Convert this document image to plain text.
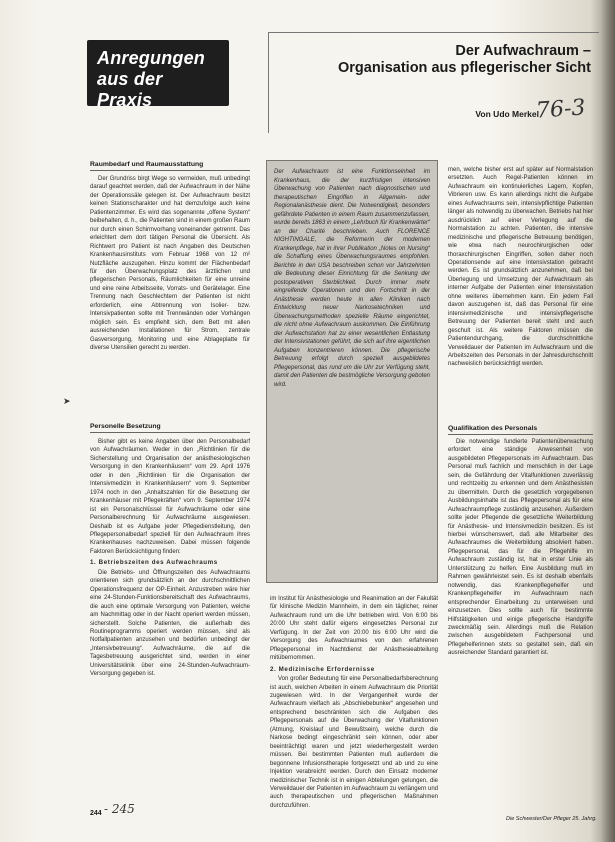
Anregungen
aus der Praxis
Der Aufwachraum –
Organisation aus pflegerischer Sicht
Von Udo Merkel
76-3
Raumbedarf und Raumausstattung

Der Grundriss birgt Wege so vermeiden, muß unbedingt darauf geachtet werden, daß der Aufwachraum in der Nähe der Operationssäle gelegen ist. Der Aufwachraum besitzt keinen Stationscharakter und hat demzufolge auch keine Patientenzimmer. Es wird das sogenannte „offene System“ beibehalten, d. h., die Patienten sind in einem großen Raum nur durch einen Schirmvorhang voneinander getrennt. Das erleichtert dem dort tätigen Personal die Übersicht. Als Richtwert pro Patient ist nach Angaben des Deutschen Krankenhausinstituts vom Februar 1968 von 12 m² Nutzfläche auszugehen. Hinzu kommt der Flächenbedarf für den Überwachungsplatz des ärztlichen und pflegerischen Personals, Räumlichkeiten für eine unreine und eine reine Arbeitsseite, Vorrats- und Gerätelager. Eine Trennung nach Geschlechtern der Patienten ist nicht erforderlich, eine Abtrennung von Isolier- bzw. Intensivpatienten sollte mit Trennwänden oder Vorhängen möglich sein. Es empfiehlt sich, dem Bett mit allen ausreichenden Installationen für Strom, zentrale Gasversorgung, Monitoring und eine Ablageplatte für diverse Utensilien gerecht zu werden.

Personelle Besetzung

Bisher gibt es keine Angaben über den Personalbedarf von Aufwachräumen. Weder in den „Richtlinien für die Sicherstellung und Organisation der anästhesiologischen Versorgung in den Krankenhäusern“ vom 29. April 1976 oder in den „Richtlinien für die Organisation der Intensivmedizin in Krankenhäusern“ vom 9. September 1974 noch in den „Anhaltszahlen für die Besetzung der Krankenhäuser mit Pflegekräften“ vom 9. September 1974 ist ein Personalschlüssel für Aufwachräume oder eine Personalberechnung für Aufwachräume ausgewiesen. Deshalb ist es Aufgabe jeder Pflegedienstleitung, den Pflegepersonalbedarf speziell für den Aufwachraum ihres Krankenhauses nachzuweisen. Dabei müssen folgende Faktoren Berücksichtigung finden:

1. Betriebszeiten des Aufwachraums

Die Betriebs- und Öffnungszeiten des Aufwachraums orientieren sich grundsätzlich an der durchschnittlichen Operationsfrequenz der OP-Einheit. Anzustreben wäre hier eine 24-Stunden-Funktionsbereitschaft des Aufwachraums, die auch eine optimale Versorgung von Patienten, welche am Nachmittag oder in der Nacht operiert werden müssen, sicherstellt. Solche Patienten, die außerhalb des Routineprogramms operiert werden müssen, sind als Notfallpatienten anzusehen und bedürfen unbedingt der „Intensivbetreuung“. Aufwachräume, die auf die Tagesbetreuung ausgerichtet sind, werden in einer Universitätsklinik über eine 24-Stunden-Aufwachraum-Versorgung gegeben ist.

Der Aufwachraum ist eine Funktionseinheit im Krankenhaus, die der kurzfristigen intensiven Überwachung von Patienten nach diagnostischen und therapeutischen Eingriffen in Allgemein- oder Regionalanästhesie dient. Die Notwendigkeit, besonders gefährdete Patienten in einem Raum zusammenzufassen, wurde bereits 1863 in einem „Lehrbuch für Krankenwärter“ an der Charité beschrieben. Auch FLORENCE NIGHTINGALE, die Reformerin der modernen Krankenpflege, hat in ihrer Publikation „Notes on Nursing“ die Schaffung eines Überwachungsraumes empfohlen. Berichte in den USA beschreiben schon vor Jahrzehnten die Bedeutung dieser Einrichtung für die Senkung der postoperativen Sterblichkeit. Durch immer mehr eingreifende Operationen und den Fortschritt in der Anästhesie werden heute in allen Kliniken nach Entwicklung neuer Narkosetechniken und Überwachungsmethoden spezielle Räume eingerichtet, die nicht ohne Aufwachraum auskommen. Die Einführung der Aufwachstation hat zu einer wesentlichen Entlastung der Intensivstationen geführt, die sich auf ihre eigentlichen Aufgaben konzentrieren können. Die pflegerische Betreuung erfolgt durch speziell ausgebildetes Pflegepersonal, das rund um die Uhr zur Verfügung steht, damit den Patienten die bestmögliche Versorgung geboten wird.

im Institut für Anästhesiologie und Reanimation an der Fakultät für klinische Medizin Mannheim, in dem ein täglicher, reiner Aufwachraum rund um die Uhr betrieben wird. Von 6:00 bis 20:00 Uhr steht dafür eigens eingesetztes Personal zur Verfügung. In der Zeit von 20:00 bis 6:00 Uhr wird die Versorgung des Aufwachraumes von den erfahrenen Pflegepersonal im Nachtdienst der Anästhesieabteilung mitübernommen.

2. Medizinische Erfordernisse

Von großer Bedeutung für eine Personalbedarfsberechnung ist auch, welchen Arbeiten in einem Aufwachraum die Priorität zugewiesen wird. In der Vergangenheit wurde der Aufwachraum vielfach als „Abschiebebunker“ angesehen und entsprechend beschränkten sich die Aufgaben des Pflegepersonals auf die Überwachung der Vitalfunktionen (Atmung, Kreislauf und Bewußtsein), welche durch die Narkose bedingt eingeschränkt sein können, oder aber beeinträchtigt waren und jetzt wiederhergestellt werden müssen. Bei bestimmten Patienten muß außerdem die begonnene Infusionstherapie fortgesetzt und ab und zu eine Injektion verabreicht werden. Durch den Einsatz moderner medizinischer Technik ist in einigen Abteilungen gelungen, die Verweildauer der Patienten im Aufwachraum zu verlängern und auch therapeutischen und pflegerischen Maßnahmen durchzuführen.

men, welche bisher erst auf später auf Normalstation ersetzten. Auch Regel-Patienten können im Aufwachraum ein kontinuierliches Lagern, Kopfen, Vibrieren usw. Es kann allerdings nicht die Aufgabe eines Aufwachraums sein, intensivpflichtige Patienten länger als notwendig zu überwachen. Betriebs hat hier ausdrücklich auf einer Verlegung auf die Normalstation zu achten. Patienten, die intensive medizinische und pflegerische Betreuung benötigen, wie etwa nach neurochirurgischen oder thoraxchirurgischen Eingriffen, sollen daher noch Operationsende auf eine Intensivstation gebracht werden. Es ist grundsätzlich anzunehmen, daß bei Überlegung und Umsetzung der Aufwachraum als interner Aufgabe der Patienten einer Intensivstation ohne weiteres übernehmen kann. Ein jedem Fall davon auszugehen ist, daß das Personal für eine intensivmedizinische und intensivpflegerische Betreuung der Patienten bereit steht und auch geschult ist. Als weitere Faktoren müssen die Patientendurchgang, die durchschnittliche Verweildauer der Patienten im Aufwachraum und die Arbeitszeiten des Personals in der Jahresdurchschnitt nachweislich berücksichtigt werden.

Qualifikation des Personals

Die notwendige fundierte Patientenüberwachung erfordert eine ständige Anwesenheit von ausgebildeten Pflegepersonals im Aufwachraum. Das Personal muß fachlich und menschlich in der Lage sein, die Gefährdung der Vitalfunktionen zuverlässig und rechtzeitig zu erkennen und dem Anästhesisten zu übermitteln. Durch die gesetzlich vorgegebenen Ausbildungsinhalte ist das Pflegepersonal als für eine Aufwachraumpflege zuständig anzusehen. Außerdem sollte jeder Pflegende die gesetzliche Weiterbildung für Anästhesie- und Intensivmedizin besitzen. Es ist hierbei wünschenswert, daß alle Mitarbeiter des Aufwachraumes die Weiterbildung absolviert haben. Pflegepersonal, das für die Pflegehilfe im Aufwachraum zuständig ist, hat in erster Linie als Unterstützung zu helfen. Eine Ausbildung muß im Rahmen gewährleistet sein. Es ist deshalb ebenfalls notwendig, das Krankenpflegehelfer und Krankenpflegehelfer im Aufwachraum nach entsprechender Einarbeitung zu unterweisen und einzusetzen. Dies sollte auch für bestimmte Hilfstätigkeiten und einige pflegerische Handgriffe zweckmäßig sein. Allerdings muß die Relation zwischen ausgebildetem Fachpersonal und Pflegehelferinnen stets so gestaltet sein, daß ein ausreichender Standard garantiert ist.

➤
244 - 245
Die Schwester/Der Pfleger 25. Jahrg.
